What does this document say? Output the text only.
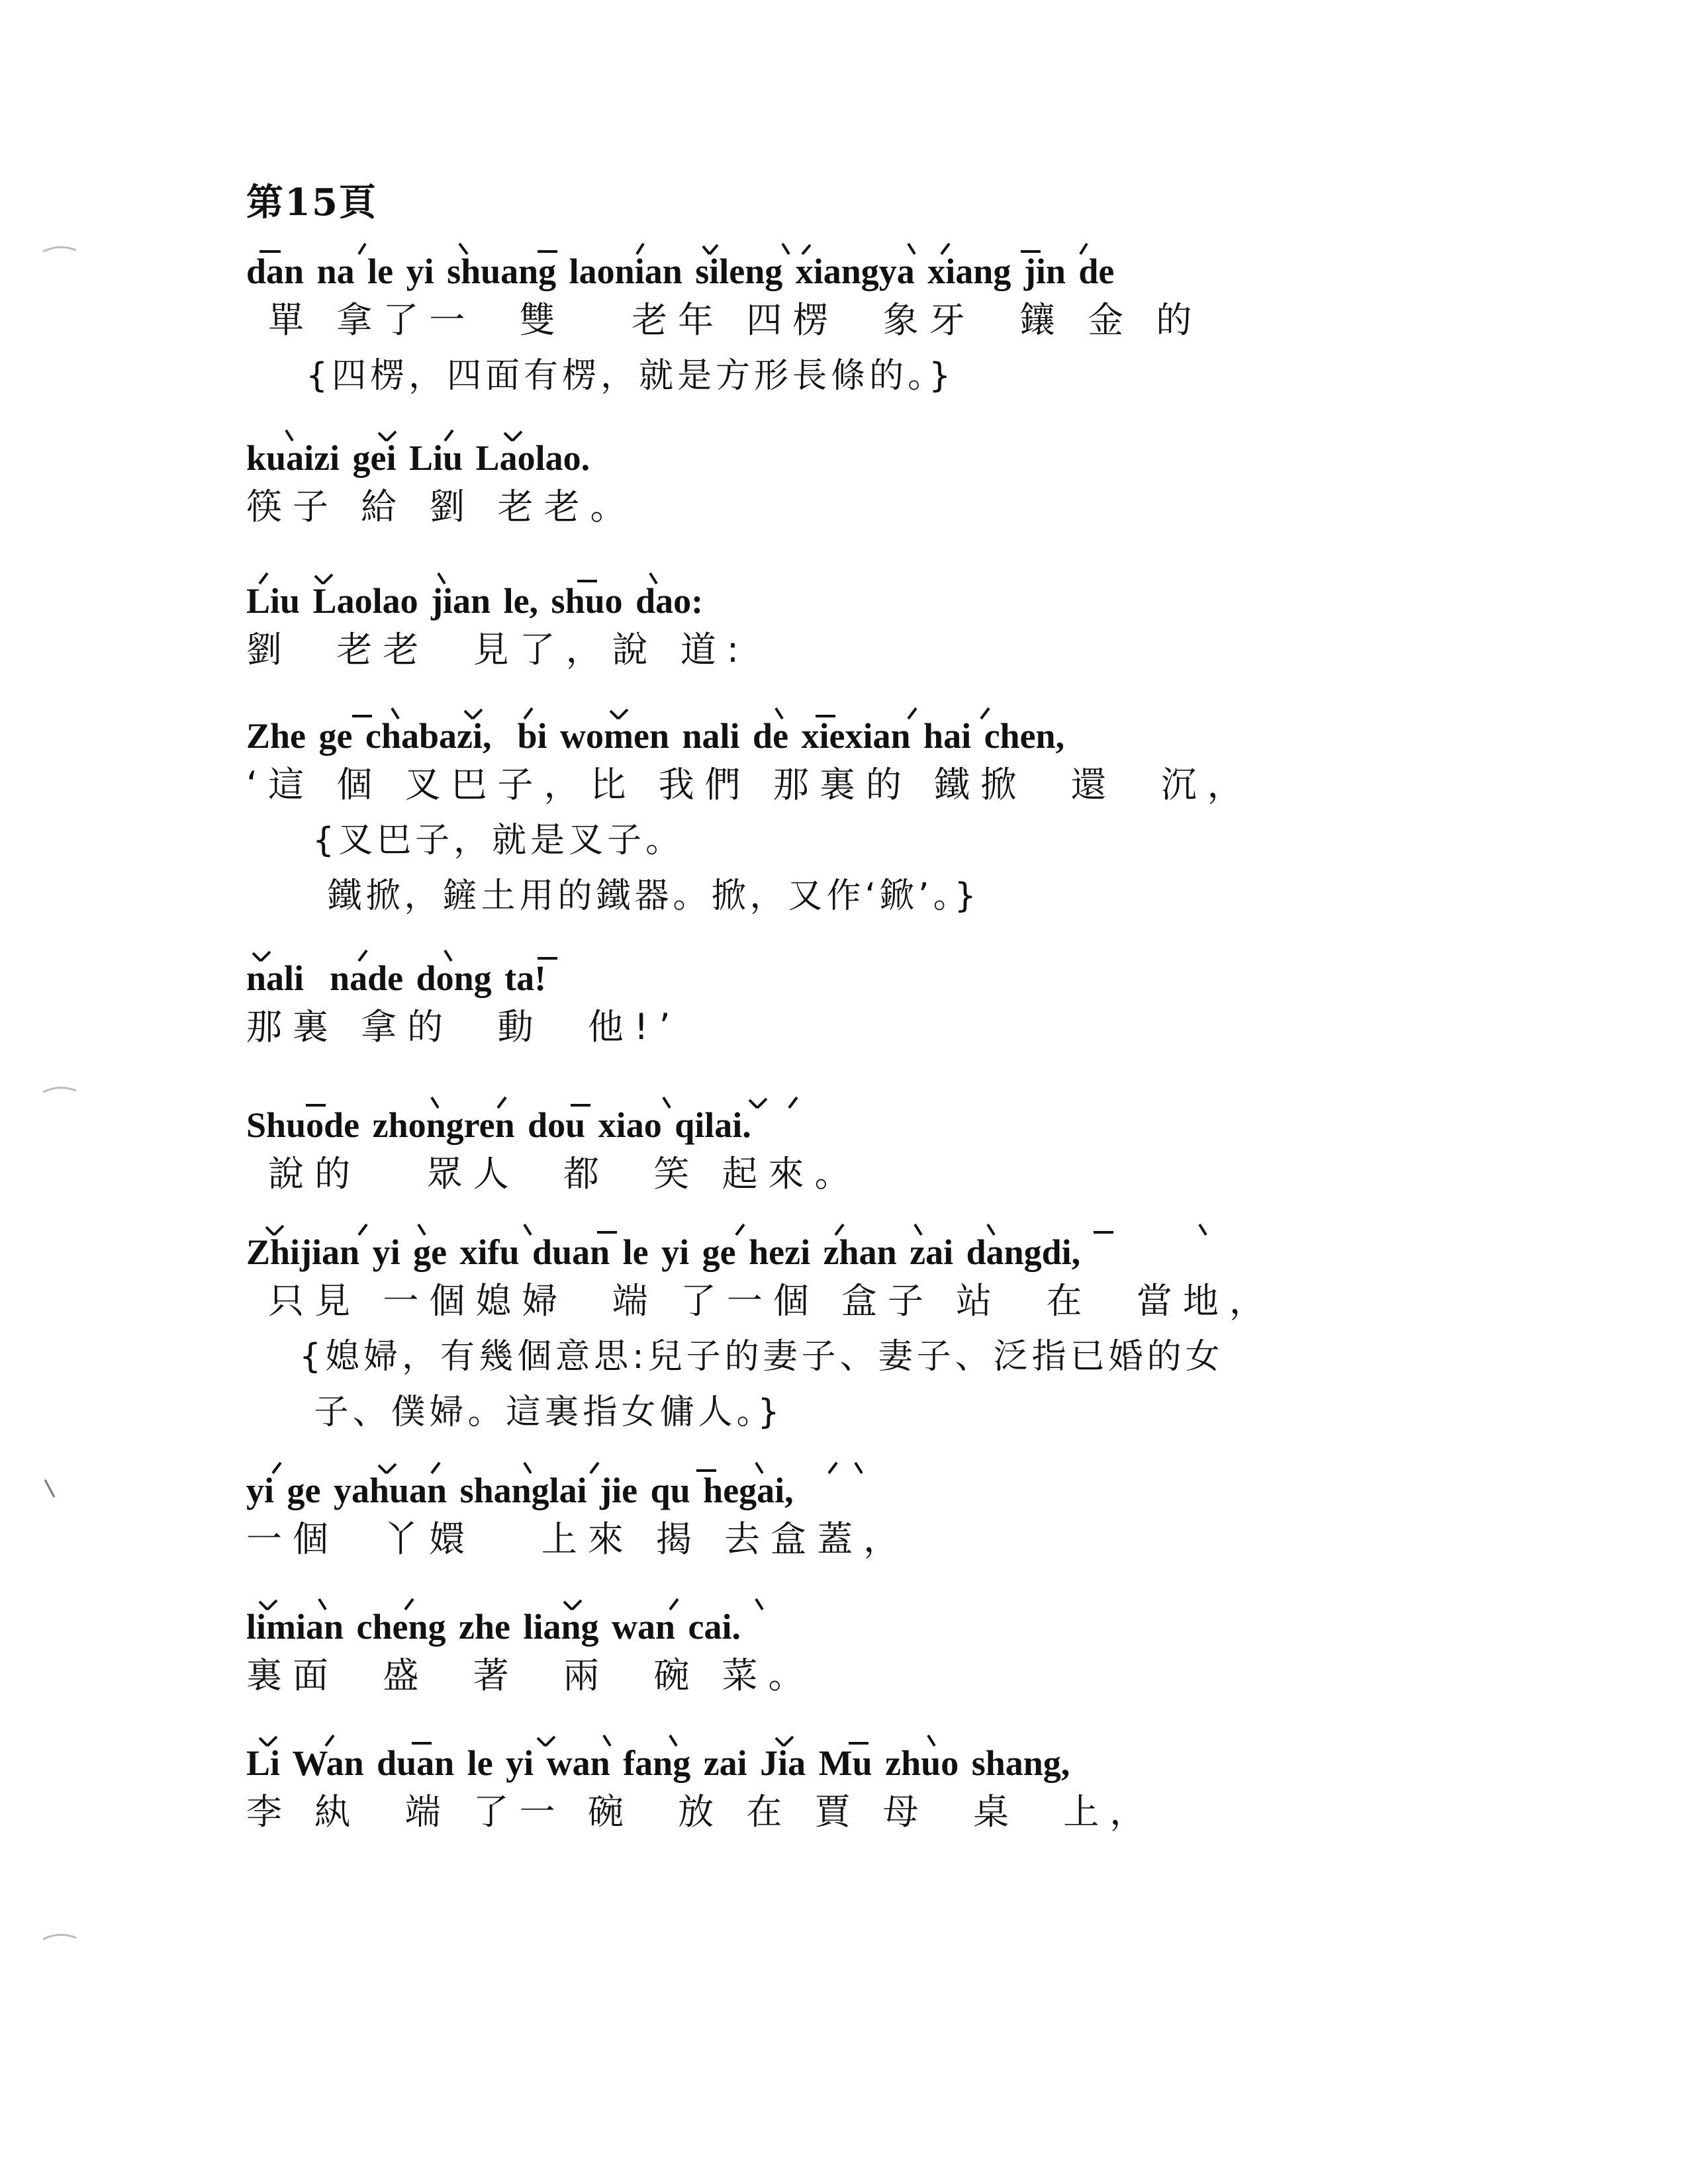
第15頁
dan na le yi shuang laonian sileng xiangya xiang jin de
單 拿了一  雙   老年 四楞  象牙  鑲 金 的
{四楞，四面有楞，就是方形長條的。}
kuaizi gei Liu Laolao.
筷子 給 劉 老老。
Liu Laolao jian le, shuo dao:
劉  老老  見了，說 道:
Zhe ge chabazi,  bi women nali de xiexian hai chen,
‘這 個 叉巴子，比 我們 那裏的 鐵掀  還  沉，
{叉巴子，就是叉子。
鐵掀，鏟土用的鐵器。掀，又作‘鍁’。}
nali  nade dong ta!
那裏 拿的  動  他!’
Shuode zhongren dou xiao qilai.
說的   眾人  都  笑 起來。
Zhijian yi ge xifu duan le yi ge hezi zhan zai dangdi,
只見 一個媳婦  端 了一個 盒子 站  在  當地，
{媳婦，有幾個意思:兒子的妻子、妻子、泛指已婚的女
子、僕婦。這裏指女傭人。}
yi ge yahuan shanglai jie qu hegai,
一個  丫嬛   上來 揭 去盒蓋，
limian cheng zhe liang wan cai.
裏面  盛  著  兩  碗 菜。
Li Wan duan le yi wan fang zai Jia Mu zhuo shang,
李 紈  端 了一 碗  放 在 賈 母  桌  上，
